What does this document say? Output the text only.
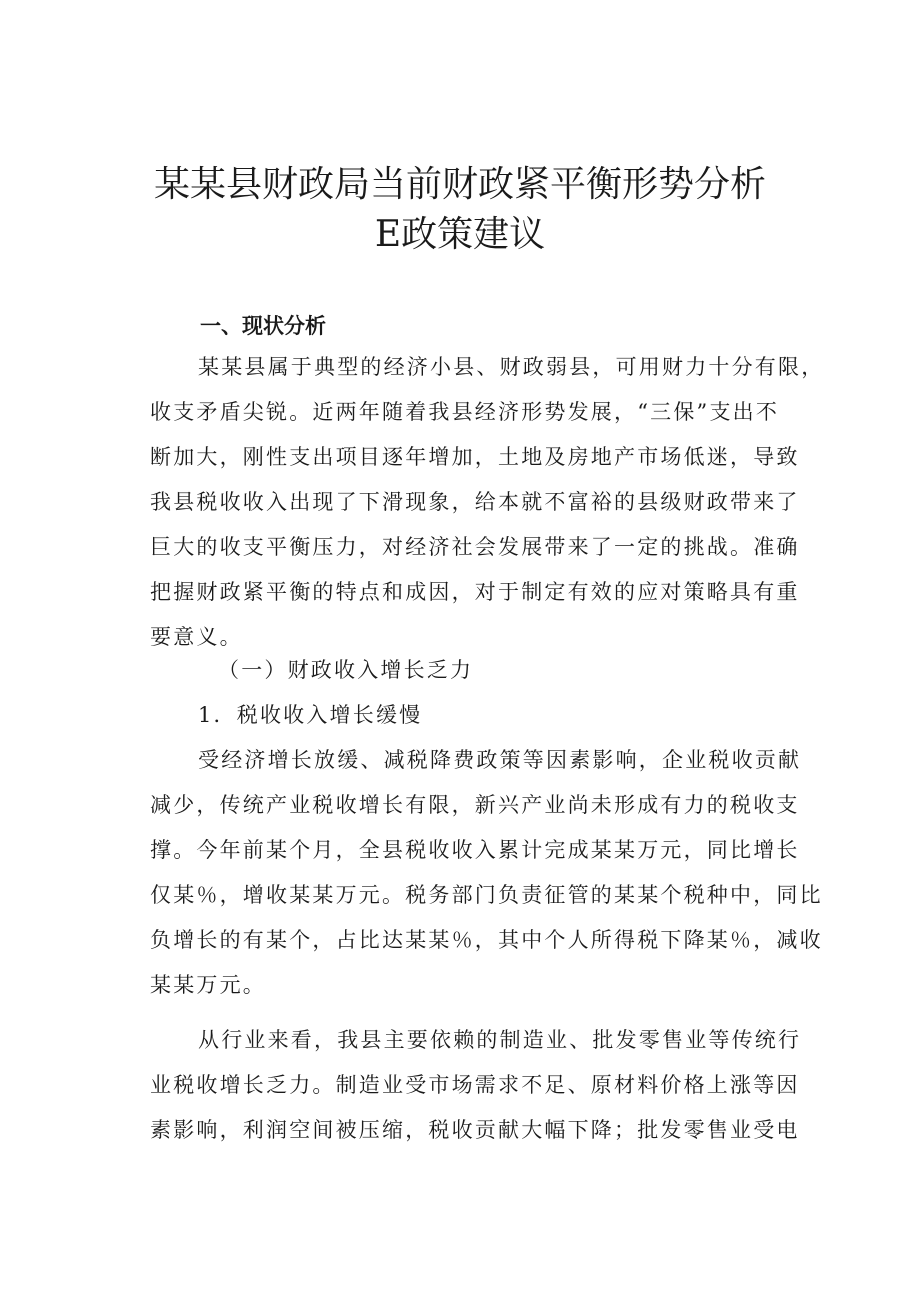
某某县财政局当前财政紧平衡形势分析
E政策建议
一、现状分析
某某县属于典型的经济小县、财政弱县，可用财力十分有限，
收支矛盾尖锐。近两年随着我县经济形势发展，“三保”支出不
断加大，刚性支出项目逐年增加，土地及房地产市场低迷，导致
我县税收收入出现了下滑现象，给本就不富裕的县级财政带来了
巨大的收支平衡压力，对经济社会发展带来了一定的挑战。准确
把握财政紧平衡的特点和成因，对于制定有效的应对策略具有重
要意义。
（一）财政收入增长乏力
1．税收收入增长缓慢
受经济增长放缓、减税降费政策等因素影响，企业税收贡献
减少，传统产业税收增长有限，新兴产业尚未形成有力的税收支
撑。今年前某个月，全县税收收入累计完成某某万元，同比增长
仅某％，增收某某万元。税务部门负责征管的某某个税种中，同比
负增长的有某个，占比达某某％，其中个人所得税下降某％，减收
某某万元。
从行业来看，我县主要依赖的制造业、批发零售业等传统行
业税收增长乏力。制造业受市场需求不足、原材料价格上涨等因
素影响，利润空间被压缩，税收贡献大幅下降；批发零售业受电
